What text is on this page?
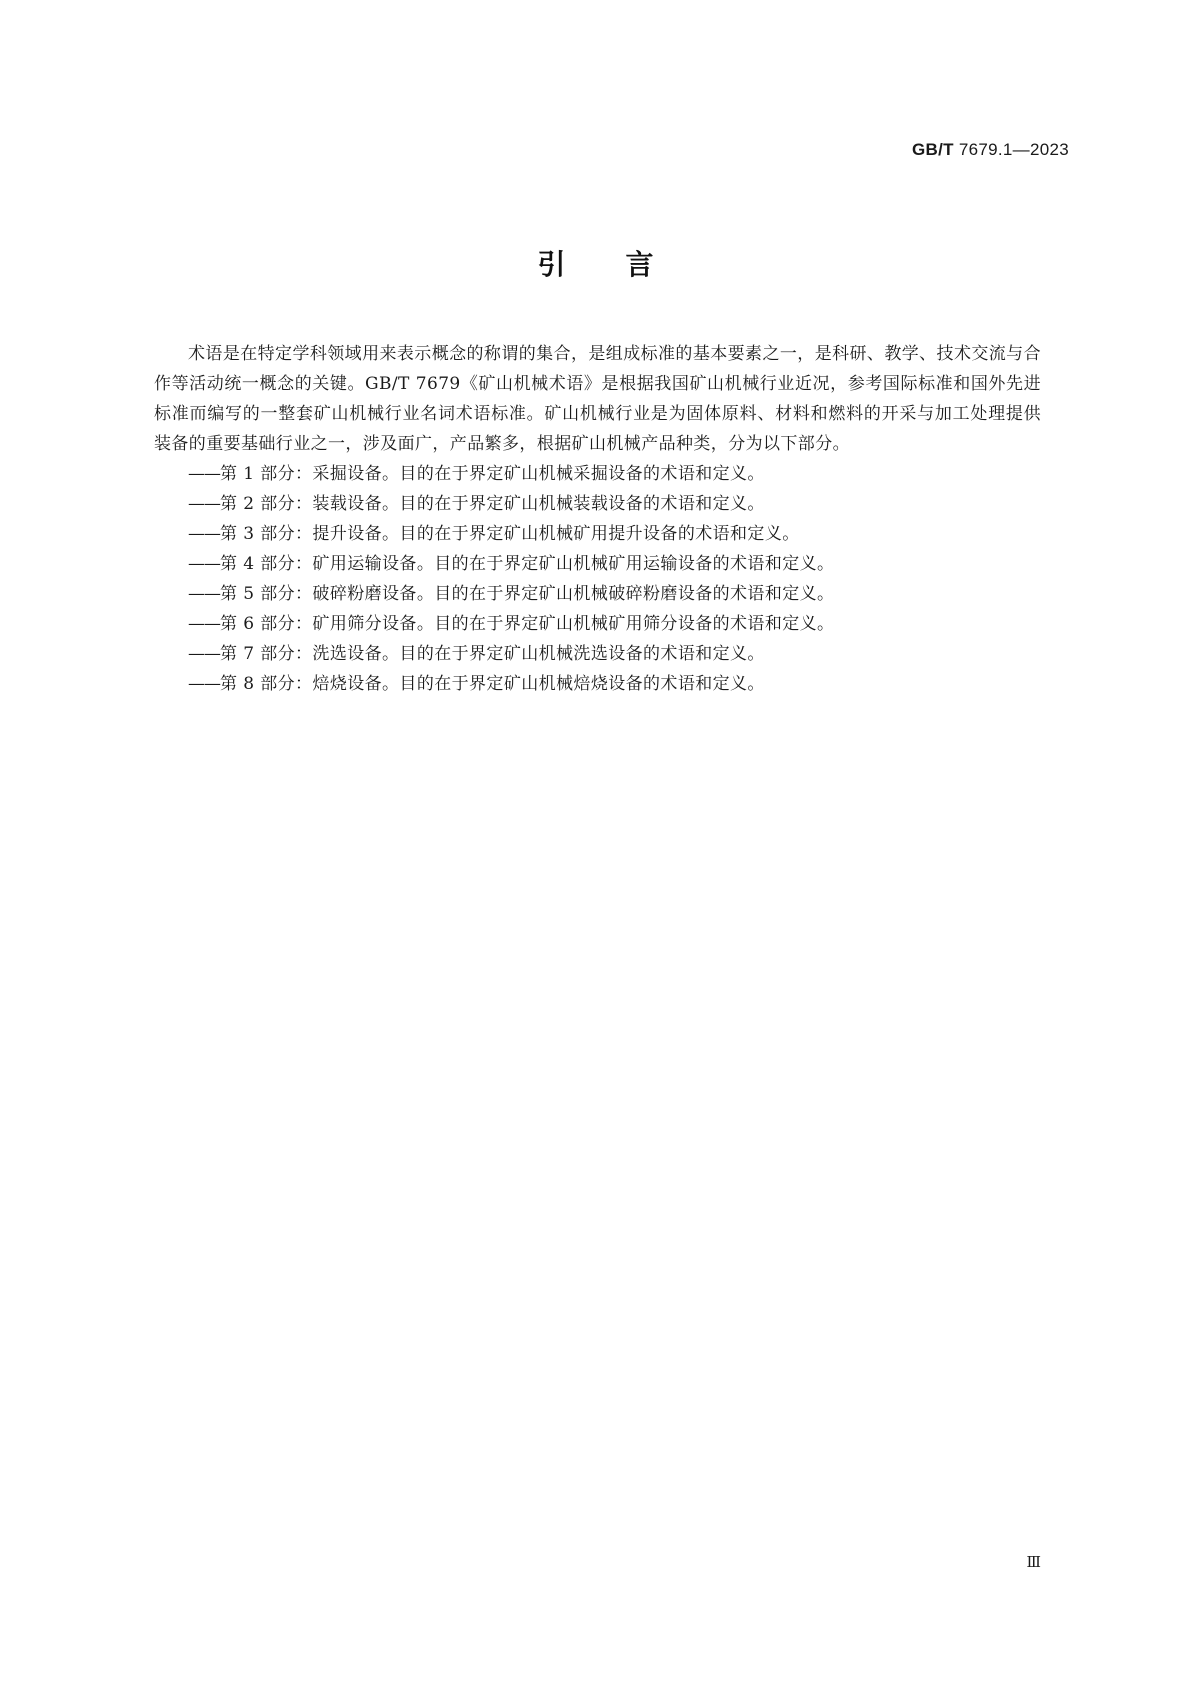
GB/T 7679.1—2023
引言

术语是在特定学科领域用来表示概念的称谓的集合，是组成标准的基本要素之一，是科研、教学、技术交流与合作等活动统一概念的关键。GB/T 7679《矿山机械术语》是根据我国矿山机械行业近况，参考国际标准和国外先进标准而编写的一整套矿山机械行业名词术语标准。矿山机械行业是为固体原料、材料和燃料的开采与加工处理提供装备的重要基础行业之一，涉及面广，产品繁多，根据矿山机械产品种类，分为以下部分。

——第 1 部分：采掘设备。目的在于界定矿山机械采掘设备的术语和定义。
——第 2 部分：装载设备。目的在于界定矿山机械装载设备的术语和定义。
——第 3 部分：提升设备。目的在于界定矿山机械矿用提升设备的术语和定义。
——第 4 部分：矿用运输设备。目的在于界定矿山机械矿用运输设备的术语和定义。
——第 5 部分：破碎粉磨设备。目的在于界定矿山机械破碎粉磨设备的术语和定义。
——第 6 部分：矿用筛分设备。目的在于界定矿山机械矿用筛分设备的术语和定义。
——第 7 部分：洗选设备。目的在于界定矿山机械洗选设备的术语和定义。
——第 8 部分：焙烧设备。目的在于界定矿山机械焙烧设备的术语和定义。
Ⅲ
